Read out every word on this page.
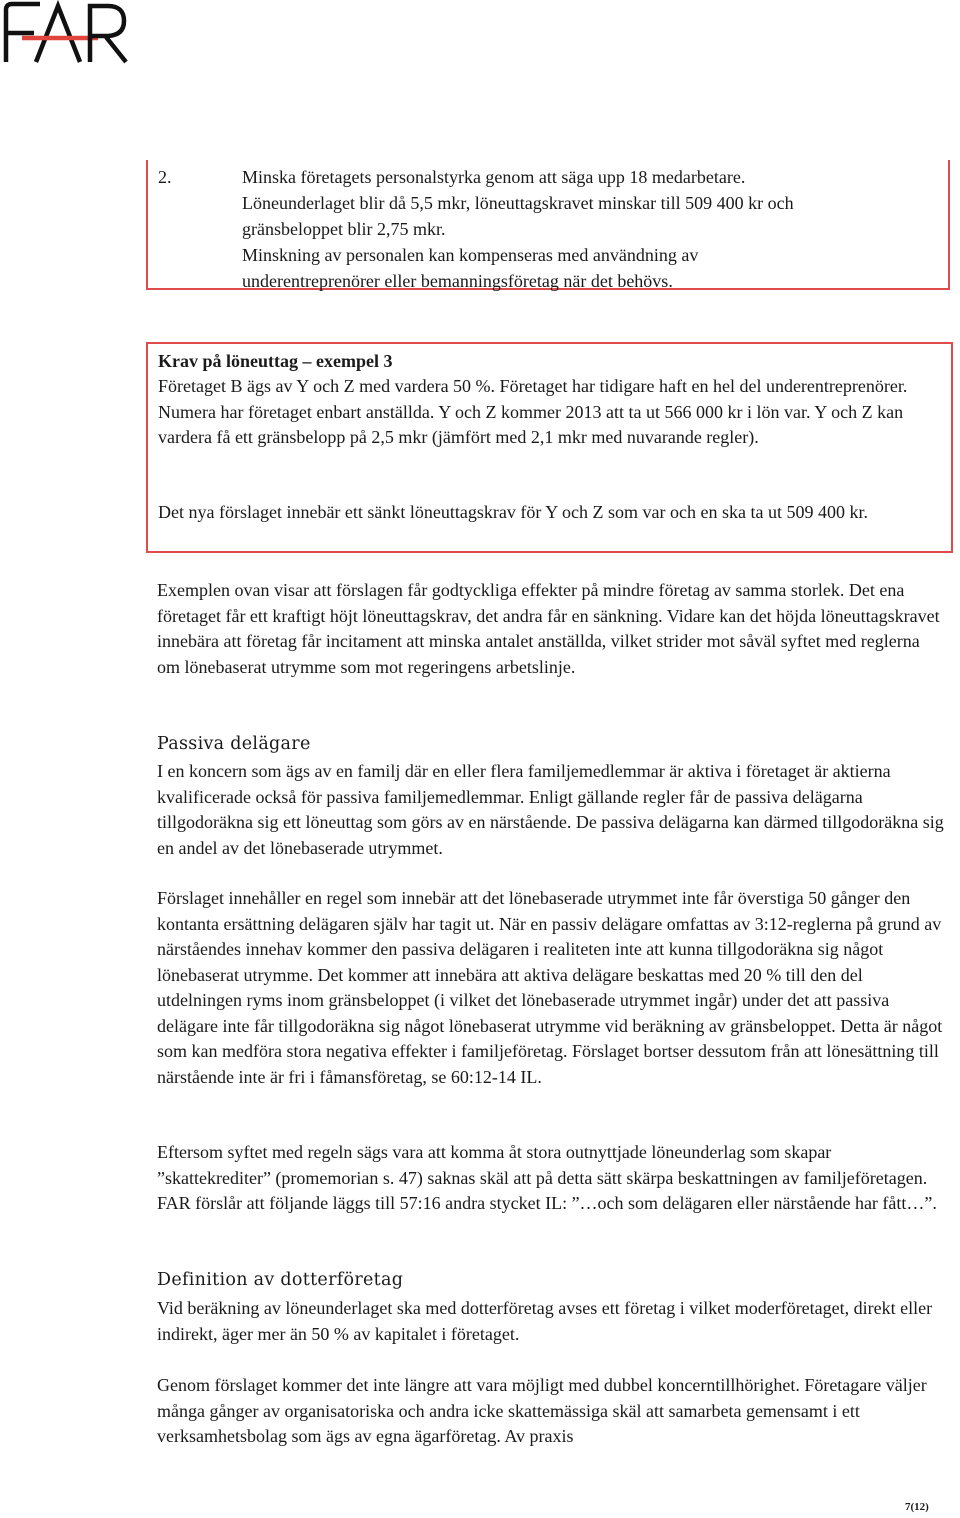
2.	Minska företagets personalstyrka genom att säga upp 18 medarbetare.
Löneunderlaget blir då 5,5 mkr, löneuttagskravet minskar till 509 400 kr och
gränsbeloppet blir 2,75 mkr.
Minskning av personalen kan kompenseras med användning av
underentreprenörer eller bemanningsföretag när det behövs.

Krav på löneuttag – exempel 3

Företaget B ägs av Y och Z med vardera 50 %. Företaget har tidigare haft en hel del underentreprenörer. Numera har företaget enbart anställda. Y och Z kommer 2013 att ta ut 566 000 kr i lön var. Y och Z kan vardera få ett gränsbelopp på 2,5 mkr (jämfört med 2,1 mkr med nuvarande regler).

Det nya förslaget innebär ett sänkt löneuttagskrav för Y och Z som var och en ska ta ut 509 400 kr.

Exemplen ovan visar att förslagen får godtyckliga effekter på mindre företag av samma storlek. Det ena företaget får ett kraftigt höjt löneuttagskrav, det andra får en sänkning. Vidare kan det höjda löneuttagskravet innebära att företag får incitament att minska antalet anställda, vilket strider mot såväl syftet med reglerna om lönebaserat utrymme som mot regeringens arbetslinje.

Passiva delägare

I en koncern som ägs av en familj där en eller flera familjemedlemmar är aktiva i företaget är aktierna kvalificerade också för passiva familjemedlemmar. Enligt gällande regler får de passiva delägarna tillgodoräkna sig ett löneuttag som görs av en närstående. De passiva delägarna kan därmed tillgodoräkna sig en andel av det lönebaserade utrymmet.

Förslaget innehåller en regel som innebär att det lönebaserade utrymmet inte får överstiga 50 gånger den kontanta ersättning delägaren själv har tagit ut. När en passiv delägare omfattas av 3:12-reglerna på grund av närståendes innehav kommer den passiva delägaren i realiteten inte att kunna tillgodoräkna sig något lönebaserat utrymme. Det kommer att innebära att aktiva delägare beskattas med 20 % till den del utdelningen ryms inom gränsbeloppet (i vilket det lönebaserade utrymmet ingår) under det att passiva delägare inte får tillgodoräkna sig något lönebaserat utrymme vid beräkning av gränsbeloppet. Detta är något som kan medföra stora negativa effekter i familjeföretag. Förslaget bortser dessutom från att lönesättning till närstående inte är fri i fåmansföretag, se 60:12-14 IL.

Eftersom syftet med regeln sägs vara att komma åt stora outnyttjade löneunderlag som skapar ”skattekrediter” (promemorian s. 47) saknas skäl att på detta sätt skärpa beskattningen av familjeföretagen. FAR förslår att följande läggs till 57:16 andra stycket IL: ”…och som delägaren eller närstående har fått…”.

Definition av dotterföretag

Vid beräkning av löneunderlaget ska med dotterföretag avses ett företag i vilket moderföretaget, direkt eller indirekt, äger mer än 50 % av kapitalet i företaget.

Genom förslaget kommer det inte längre att vara möjligt med dubbel koncerntillhörighet. Företagare väljer många gånger av organisatoriska och andra icke skattemässiga skäl att samarbeta gemensamt i ett verksamhetsbolag som ägs av egna ägarföretag. Av praxis

7(12)
